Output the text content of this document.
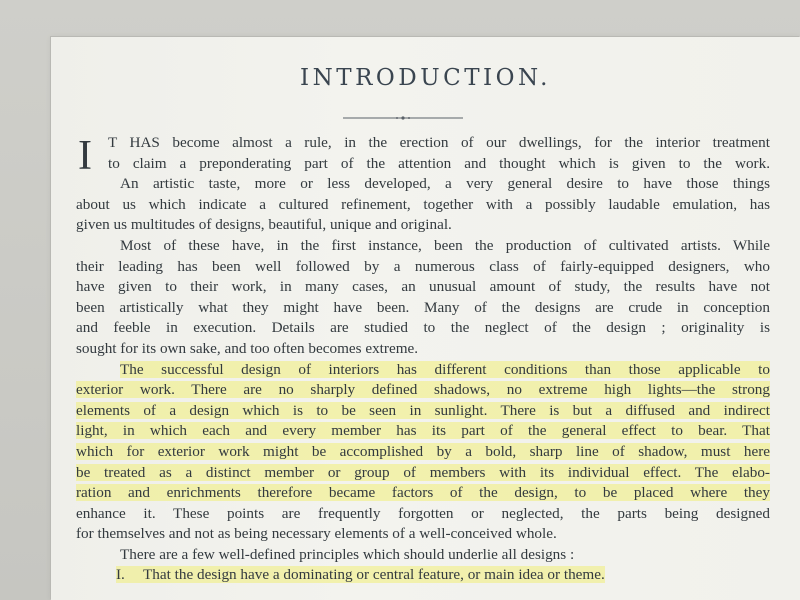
INTRODUCTION.
I	T HAS become almost a rule, in the erection of our dwellings, for the interior treatment
to claim a preponderating part of the attention and thought which is given to the work.
An artistic taste, more or less developed, a very general desire to have those things
about us which indicate a cultured refinement, together with a possibly laudable emulation, has
given us multitudes of designs, beautiful, unique and original.
Most of these have, in the first instance, been the production of cultivated artists. While
their leading has been well followed by a numerous class of fairly-equipped designers, who
have given to their work, in many cases, an unusual amount of study, the results have not
been artistically what they might have been. Many of the designs are crude in conception
and feeble in execution. Details are studied to the neglect of the design ; originality is
sought for its own sake, and too often becomes extreme.
The successful design of interiors has different conditions than those applicable to
exterior work. There are no sharply defined shadows, no extreme high lights—the strong
elements of a design which is to be seen in sunlight. There is but a diffused and indirect
light, in which each and every member has its part of the general effect to bear. That
which for exterior work might be accomplished by a bold, sharp line of shadow, must here
be treated as a distinct member or group of members with its individual effect. The elabo-
ration and enrichments therefore became factors of the design, to be placed where they
enhance it. These points are frequently forgotten or neglected, the parts being designed
for themselves and not as being necessary elements of a well-conceived whole.
There are a few well-defined principles which should underlie all designs :
I. That the design have a dominating or central feature, or main idea or theme.
